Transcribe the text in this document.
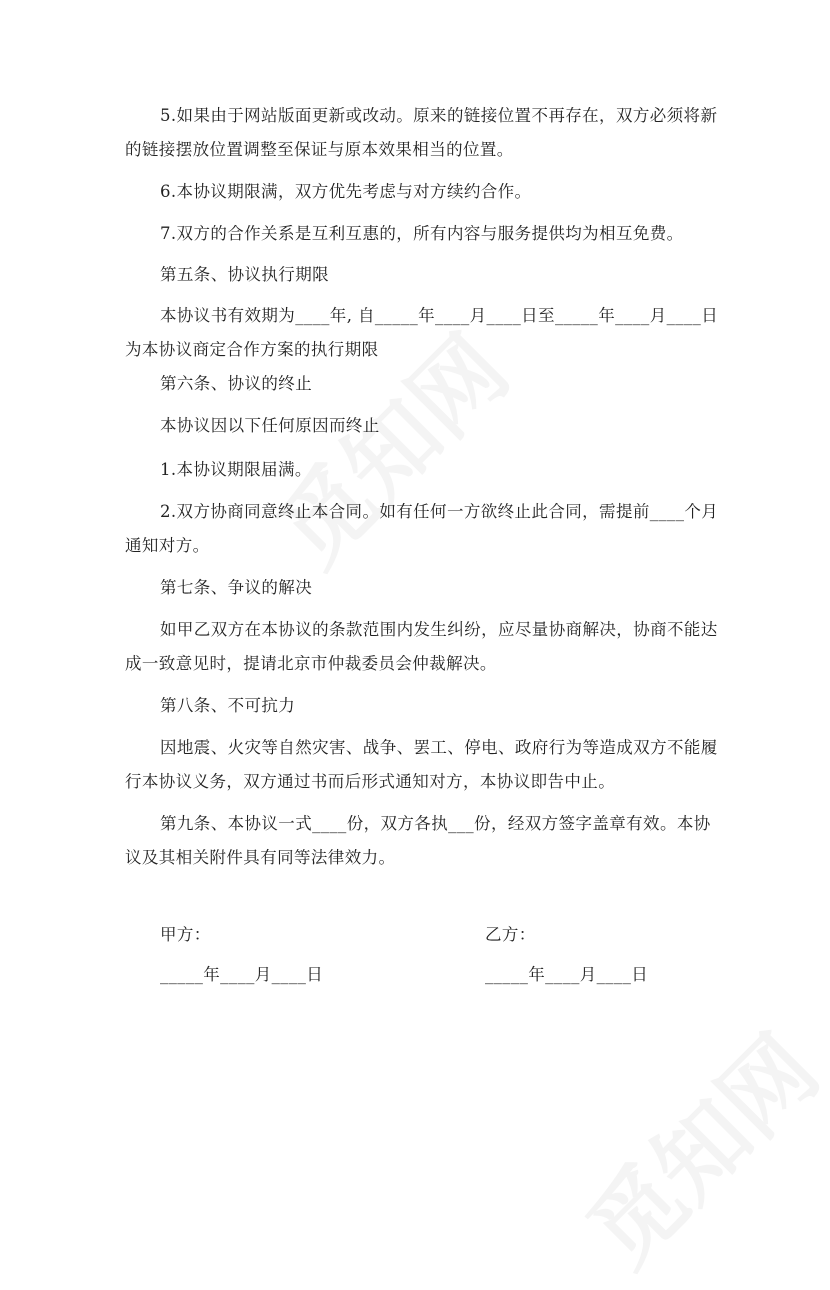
5.如果由于网站版面更新或改动。原来的链接位置不再存在，双方必须将新
的链接摆放位置调整至保证与原本效果相当的位置。
6.本协议期限满，双方优先考虑与对方续约合作。
7.双方的合作关系是互利互惠的，所有内容与服务提供均为相互免费。
第五条、协议执行期限
本协议书有效期为____年, 自_____年____月____日至_____年____月____日
为本协议商定合作方案的执行期限
第六条、协议的终止
本协议因以下任何原因而终止
1.本协议期限届满。
2.双方协商同意终止本合同。如有任何一方欲终止此合同，需提前____个月
通知对方。
第七条、争议的解决
如甲乙双方在本协议的条款范围内发生纠纷，应尽量协商解决，协商不能达
成一致意见时，提请北京市仲裁委员会仲裁解决。
第八条、不可抗力
因地震、火灾等自然灾害、战争、罢工、停电、政府行为等造成双方不能履
行本协议义务，双方通过书而后形式通知对方，本协议即告中止。
第九条、本协议一式____份，双方各执___份，经双方签字盖章有效。本协
议及其相关附件具有同等法律效力。
甲方：	乙方：
_____年____月____日	_____年____月____日
